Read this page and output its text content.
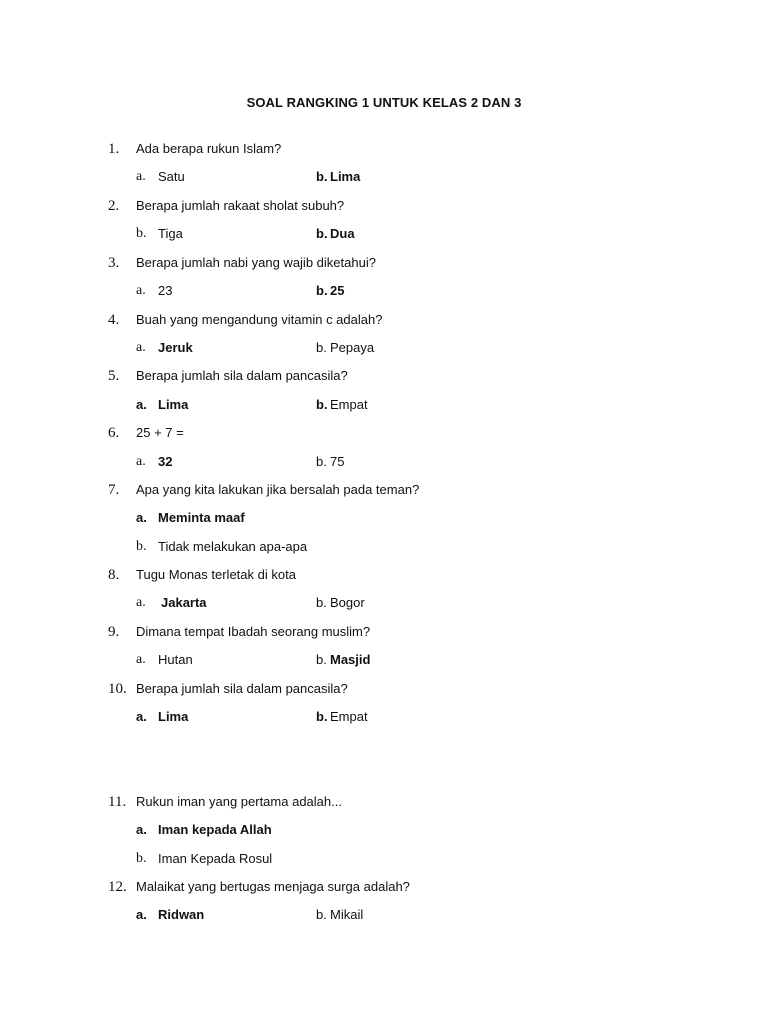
SOAL RANGKING 1 UNTUK KELAS 2 DAN 3
1.	Ada berapa rukun Islam?
a. Satu	b. Lima
2.	Berapa jumlah rakaat sholat subuh?
b. Tiga	b. Dua
3.	Berapa jumlah nabi yang wajib diketahui?
a. 23	b. 25
4.	Buah yang mengandung vitamin c adalah?
a. Jeruk	b. Pepaya
5.	Berapa jumlah sila dalam pancasila?
a. Lima	b. Empat
6.	25 + 7 =
a. 32	b. 75
7.	Apa yang kita lakukan jika bersalah pada teman?
a. Meminta maaf
b. Tidak melakukan apa-apa
8.	Tugu Monas terletak di kota
a.	Jakarta	b. Bogor
9.	Dimana tempat Ibadah seorang muslim?
a. Hutan	b. Masjid
10. Berapa jumlah sila dalam pancasila?
a. Lima	b. Empat
11. Rukun iman yang pertama adalah...
a. Iman kepada Allah
b. Iman Kepada Rosul
12. Malaikat yang bertugas menjaga surga adalah?
a. Ridwan	b. Mikail
